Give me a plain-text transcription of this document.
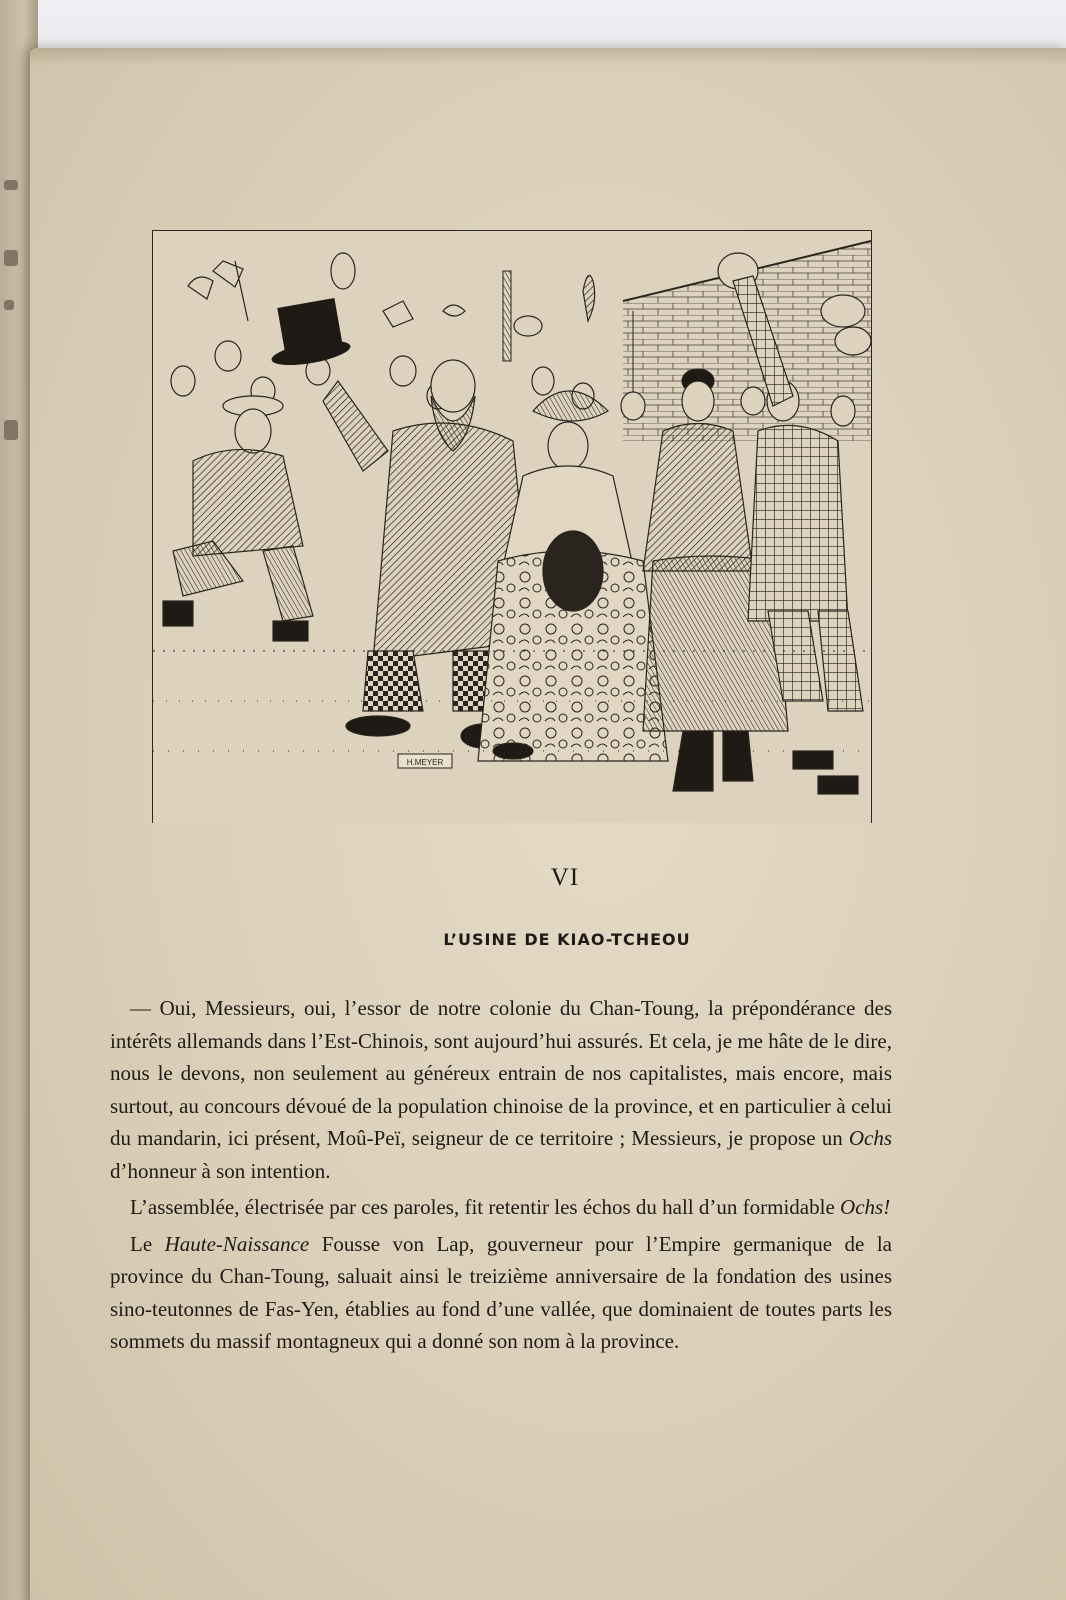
H.MEYER
VI
L’USINE DE KIAO-TCHEOU

— Oui, Messieurs, oui, l’essor de notre colonie du Chan-Toung, la prépondérance des intérêts allemands dans l’Est-Chinois, sont aujourd’hui assurés. Et cela, je me hâte de le dire, nous le devons, non seulement au généreux entrain de nos capitalistes, mais encore, mais surtout, au concours dévoué de la population chinoise de la province, et en particulier à celui du mandarin, ici présent, Moû-Peï, seigneur de ce territoire ; Messieurs, je propose un Ochs d’honneur à son intention.

L’assemblée, électrisée par ces paroles, fit retentir les échos du hall d’un formidable Ochs!

Le Haute-Naissance Fousse von Lap, gouverneur pour l’Empire germanique de la province du Chan-Toung, saluait ainsi le treizième anniversaire de la fondation des usines sino-teutonnes de Fas-Yen, établies au fond d’une vallée, que dominaient de toutes parts les sommets du massif montagneux qui a donné son nom à la province.
